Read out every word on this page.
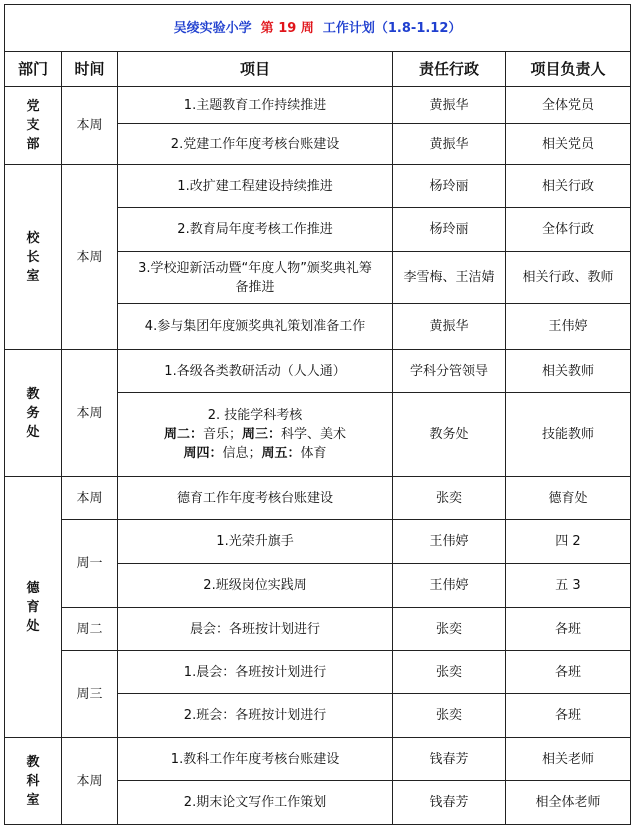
吴绫实验小学 第 19 周 工作计划（1.8-1.12）				
部门	时间	项目	责任行政	项目负责人

党
支
部	本周	1.主题教育工作持续推进	黄振华	全体党员
		2.党建工作年度考核台账建设	黄振华	相关党员

校
长
室	本周	1.改扩建工程建设持续推进	杨玲丽	相关行政
		2.教育局年度考核工作推进	杨玲丽	全体行政

		3.学校迎新活动暨“年度人物”颁奖典礼筹
备推进	李雪梅、王洁婧	相关行政、教师
		4.参与集团年度颁奖典礼策划准备工作	黄振华	王伟婷

教
务
处	本周	1.各级各类教研活动（人人通）	学科分管领导	相关教师

		2. 技能学科考核
周二：音乐；周三：科学、美术
周四：信息；周五：体育	教务处	技能教师

德
育
处	本周	德育工作年度考核台账建设	张奕	德育处
	周一	1.光荣升旗手	王伟婷	四 2
		2.班级岗位实践周	王伟婷	五 3
	周二	晨会：各班按计划进行	张奕	各班
	周三	1.晨会：各班按计划进行	张奕	各班
		2.班会：各班按计划进行	张奕	各班

教
科
室	本周	1.教科工作年度考核台账建设	钱春芳	相关老师
		2.期末论文写作工作策划	钱春芳	相全体老师
